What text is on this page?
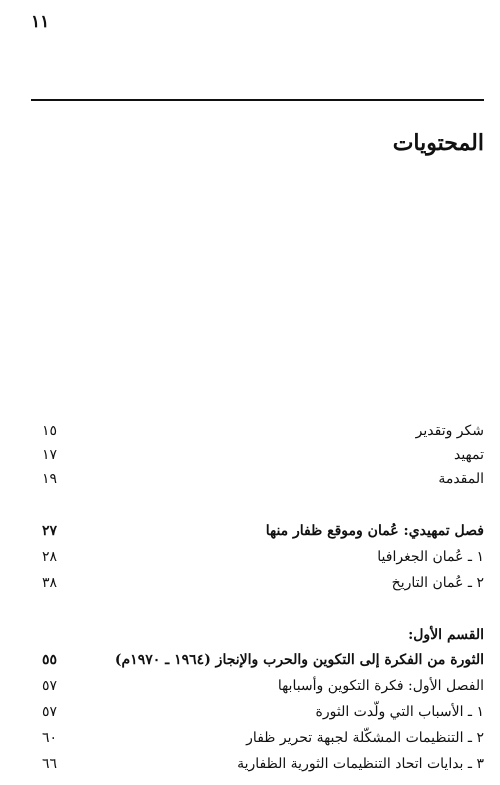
١١
المحتويات
شكر وتقدير
١٥
تمهيد
١٧
المقدمة
١٩
فصل تمهيدي: عُمان وموقع ظفار منها
٢٧
١ ـ عُمان الجغرافيا
٢٨
٢ ـ عُمان التاريخ
٣٨
القسم الأول:
الثورة من الفكرة إلى التكوين والحرب والإنجاز (١٩٦٤ ـ ١٩٧٠م)
٥٥
الفصل الأول: فكرة التكوين وأسبابها
٥٧
١ ـ الأسباب التي ولّدت الثورة
٥٧
٢ ـ التنظيمات المشكّلة لجبهة تحرير ظفار
٦٠
٣ ـ بدايات اتحاد التنظيمات الثورية الظفارية
٦٦
